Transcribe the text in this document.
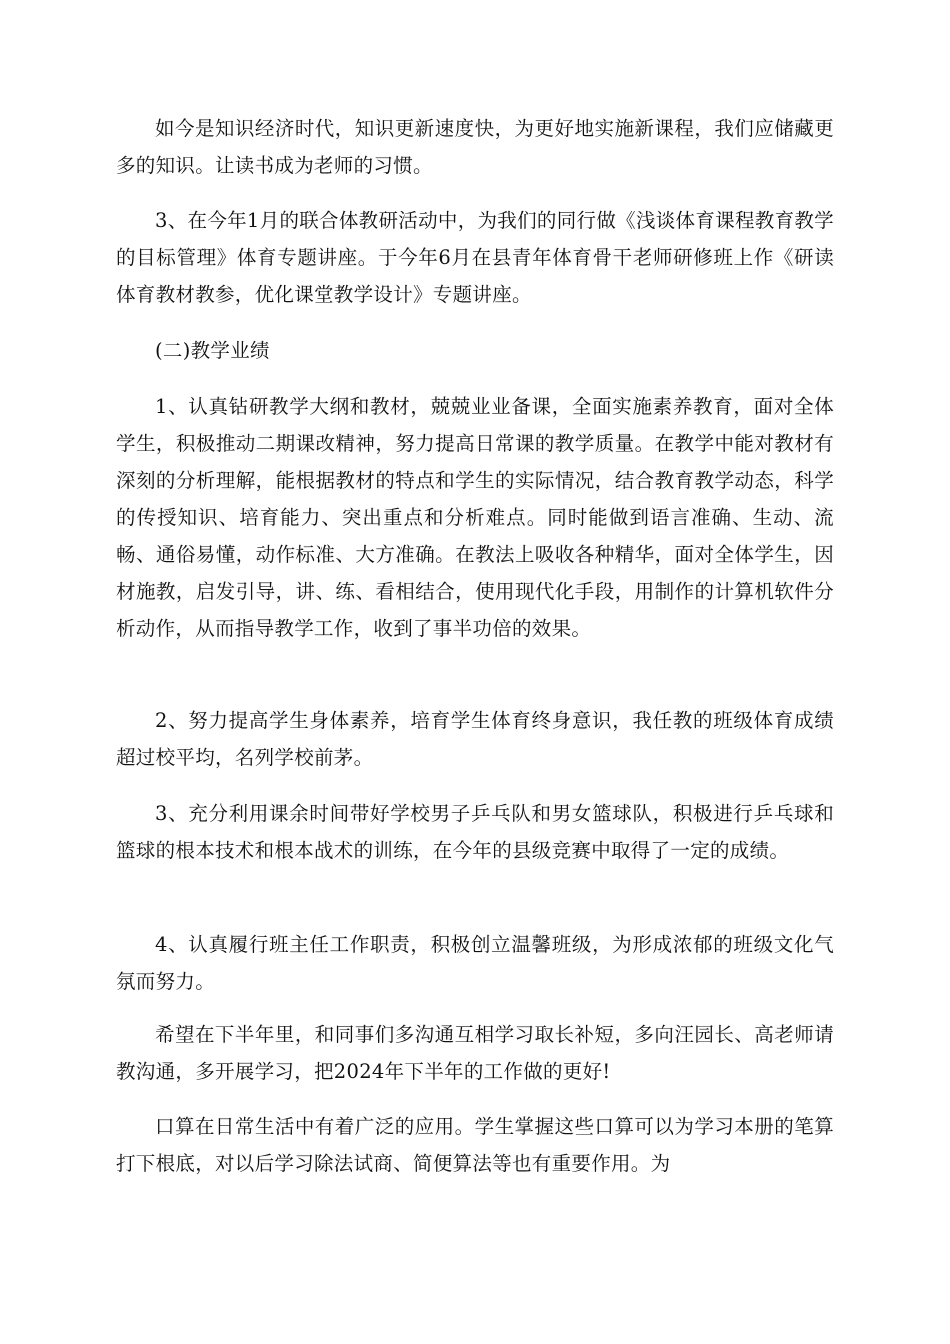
如今是知识经济时代，知识更新速度快，为更好地实施新课程，我们应储藏更多的知识。让读书成为老师的习惯。

3、在今年1月的联合体教研活动中，为我们的同行做《浅谈体育课程教育教学的目标管理》体育专题讲座。于今年6月在县青年体育骨干老师研修班上作《研读体育教材教参，优化课堂教学设计》专题讲座。

(二)教学业绩

1、认真钻研教学大纲和教材，兢兢业业备课，全面实施素养教育，面对全体学生，积极推动二期课改精神，努力提高日常课的教学质量。在教学中能对教材有深刻的分析理解，能根据教材的特点和学生的实际情况，结合教育教学动态，科学的传授知识、培育能力、突出重点和分析难点。同时能做到语言准确、生动、流畅、通俗易懂，动作标准、大方准确。在教法上吸收各种精华，面对全体学生，因材施教，启发引导，讲、练、看相结合，使用现代化手段，用制作的计算机软件分析动作，从而指导教学工作，收到了事半功倍的效果。

2、努力提高学生身体素养，培育学生体育终身意识，我任教的班级体育成绩超过校平均，名列学校前茅。

3、充分利用课余时间带好学校男子乒乓队和男女篮球队，积极进行乒乓球和篮球的根本技术和根本战术的训练，在今年的县级竞赛中取得了一定的成绩。

4、认真履行班主任工作职责，积极创立温馨班级，为形成浓郁的班级文化气氛而努力。

希望在下半年里，和同事们多沟通互相学习取长补短，多向汪园长、高老师请教沟通，多开展学习，把2024年下半年的工作做的更好!

口算在日常生活中有着广泛的应用。学生掌握这些口算可以为学习本册的笔算打下根底，对以后学习除法试商、简便算法等也有重要作用。为
